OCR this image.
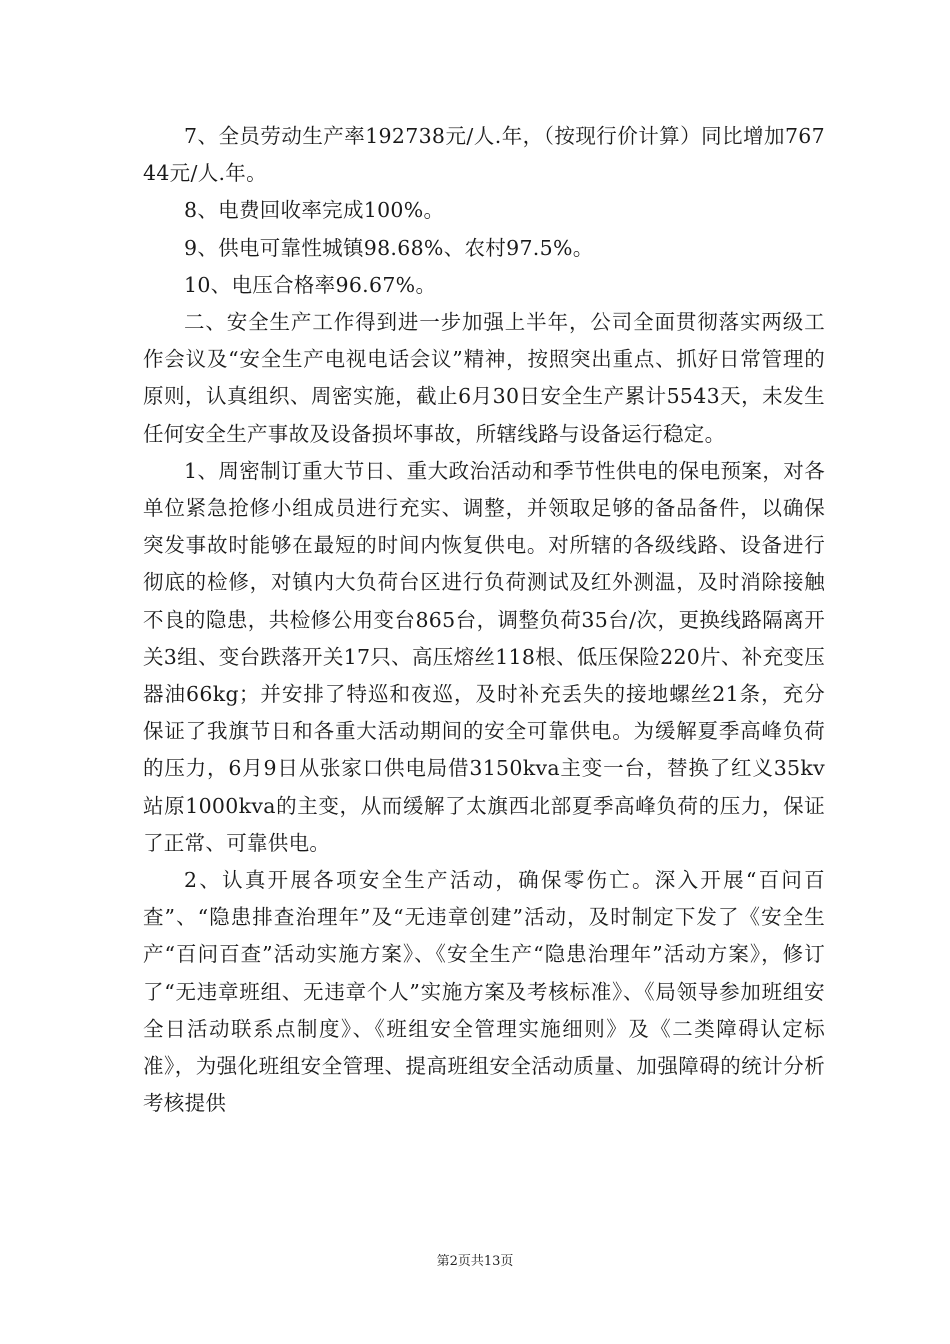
7、全员劳动生产率192738元/人.年，（按现行价计算）同比增加76744元/人.年。

8、电费回收率完成100%。

9、供电可靠性城镇98.68%、农村97.5%。

10、电压合格率96.67%。

二、安全生产工作得到进一步加强上半年，公司全面贯彻落实两级工作会议及“安全生产电视电话会议”精神，按照突出重点、抓好日常管理的原则，认真组织、周密实施，截止6月30日安全生产累计5543天，未发生任何安全生产事故及设备损坏事故，所辖线路与设备运行稳定。

1、周密制订重大节日、重大政治活动和季节性供电的保电预案，对各单位紧急抢修小组成员进行充实、调整，并领取足够的备品备件，以确保突发事故时能够在最短的时间内恢复供电。对所辖的各级线路、设备进行彻底的检修，对镇内大负荷台区进行负荷测试及红外测温，及时消除接触不良的隐患，共检修公用变台865台，调整负荷35台/次，更换线路隔离开关3组、变台跌落开关17只、高压熔丝118根、低压保险220片、补充变压器油66kg；并安排了特巡和夜巡，及时补充丢失的接地螺丝21条，充分保证了我旗节日和各重大活动期间的安全可靠供电。为缓解夏季高峰负荷的压力，6月9日从张家口供电局借3150kva主变一台，替换了红义35kv站原1000kva的主变，从而缓解了太旗西北部夏季高峰负荷的压力，保证了正常、可靠供电。

2、认真开展各项安全生产活动，确保零伤亡。深入开展“百问百查”、“隐患排查治理年”及“无违章创建”活动，及时制定下发了《安全生产“百问百查”活动实施方案》、《安全生产“隐患治理年”活动方案》，修订了“无违章班组、无违章个人”实施方案及考核标准》、《局领导参加班组安全日活动联系点制度》、《班组安全管理实施细则》及《二类障碍认定标准》，为强化班组安全管理、提高班组安全活动质量、加强障碍的统计分析考核提供

第2页共13页
